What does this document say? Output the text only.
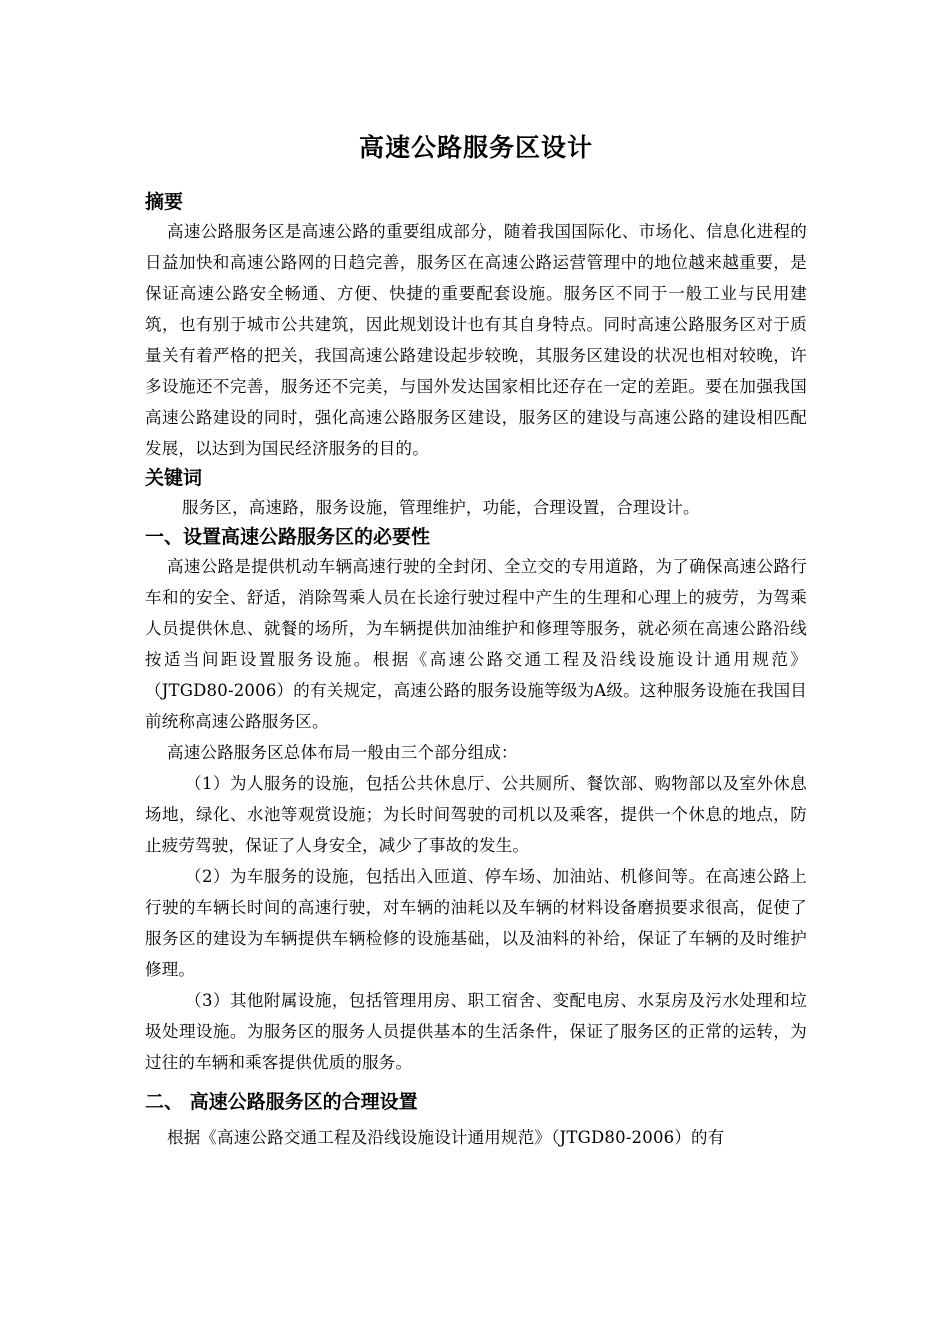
高速公路服务区设计
摘要

高速公路服务区是高速公路的重要组成部分，随着我国国际化、市场化、信息化进程的日益加快和高速公路网的日趋完善，服务区在高速公路运营管理中的地位越来越重要，是保证高速公路安全畅通、方便、快捷的重要配套设施。服务区不同于一般工业与民用建筑，也有别于城市公共建筑，因此规划设计也有其自身特点。同时高速公路服务区对于质量关有着严格的把关，我国高速公路建设起步较晚，其服务区建设的状况也相对较晚，许多设施还不完善，服务还不完美，与国外发达国家相比还存在一定的差距。要在加强我国高速公路建设的同时，强化高速公路服务区建设，服务区的建设与高速公路的建设相匹配发展，以达到为国民经济服务的目的。

关键词

服务区，高速路，服务设施，管理维护，功能，合理设置，合理设计。

一、设置高速公路服务区的必要性

高速公路是提供机动车辆高速行驶的全封闭、全立交的专用道路，为了确保高速公路行车和的安全、舒适，消除驾乘人员在长途行驶过程中产生的生理和心理上的疲劳，为驾乘人员提供休息、就餐的场所，为车辆提供加油维护和修理等服务，就必须在高速公路沿线按适当间距设置服务设施。根据《高速公路交通工程及沿线设施设计通用规范》（JTGD80-2006）的有关规定，高速公路的服务设施等级为A级。这种服务设施在我国目前统称高速公路服务区。

高速公路服务区总体布局一般由三个部分组成：

（1）为人服务的设施，包括公共休息厅、公共厕所、餐饮部、购物部以及室外休息场地，绿化、水池等观赏设施；为长时间驾驶的司机以及乘客，提供一个休息的地点，防止疲劳驾驶，保证了人身安全，减少了事故的发生。

（2）为车服务的设施，包括出入匝道、停车场、加油站、机修间等。在高速公路上行驶的车辆长时间的高速行驶，对车辆的油耗以及车辆的材料设备磨损要求很高，促使了服务区的建设为车辆提供车辆检修的设施基础，以及油料的补给，保证了车辆的及时维护修理。

（3）其他附属设施，包括管理用房、职工宿舍、变配电房、水泵房及污水处理和垃圾处理设施。为服务区的服务人员提供基本的生活条件，保证了服务区的正常的运转，为过往的车辆和乘客提供优质的服务。

二、 高速公路服务区的合理设置

根据《高速公路交通工程及沿线设施设计通用规范》（JTGD80-2006）的有
